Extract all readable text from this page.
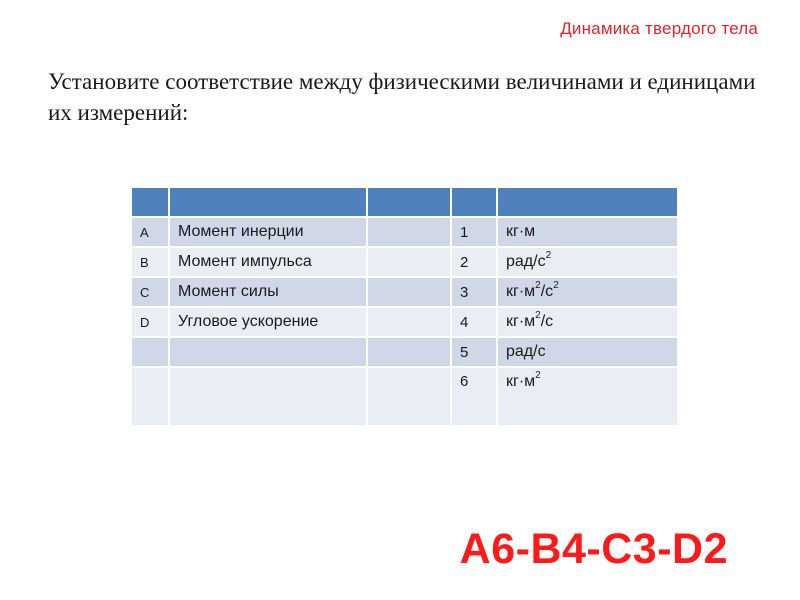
Динамика твердого тела
Установите соответствие между физическими величинами и единицами их измерений:

A	Момент инерции		1	кг·м
B	Момент импульса		2	рад/$с^2$
C	Момент силы		3	$кг\cdot м^2/с^2$
D	Угловое ускорение		4	$кг\cdot м^2/с$
			5	рад/с
			6	$кг\cdot м^2$
A6-B4-C3-D2
